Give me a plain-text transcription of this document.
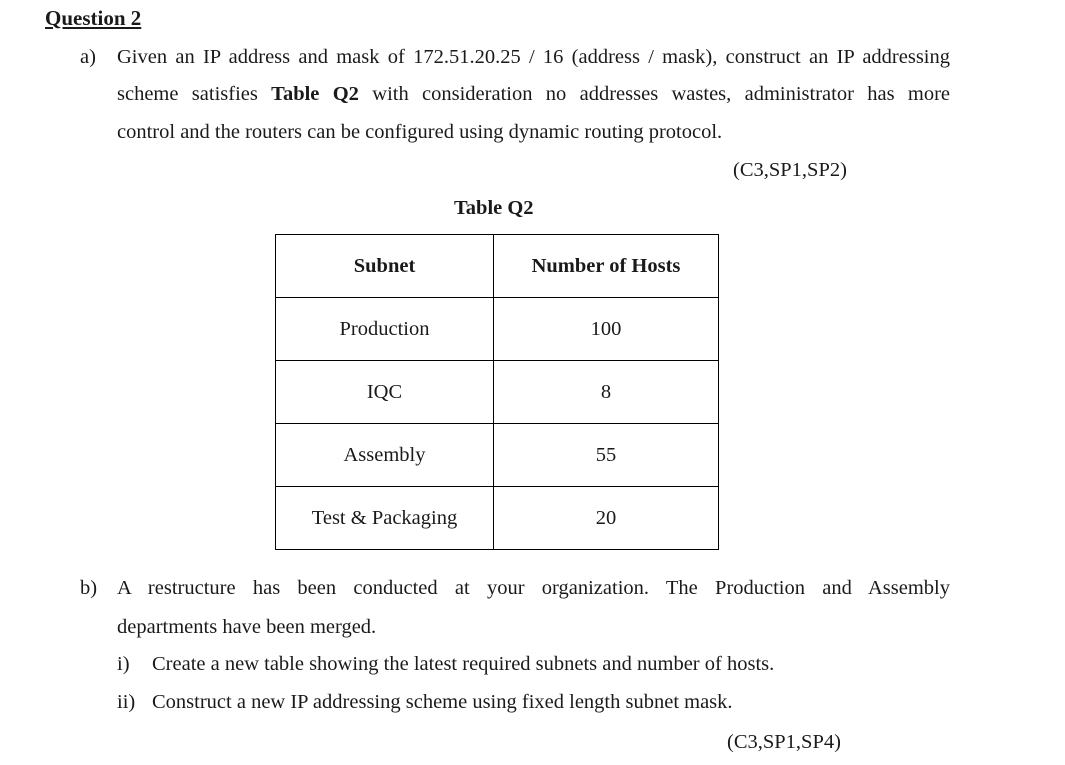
Question 2
a) Given an IP address and mask of 172.51.20.25 / 16 (address / mask), construct an IP addressing
scheme satisfies Table Q2 with consideration no addresses wastes, administrator has more
control and the routers can be configured using dynamic routing protocol.
(C3,SP1,SP2)
Table Q2
Subnet	Number of Hosts
Production	100
IQC	8
Assembly	55
Test & Packaging	20
b) A restructure has been conducted at your organization. The Production and Assembly
departments have been merged.
i) Create a new table showing the latest required subnets and number of hosts.
ii) Construct a new IP addressing scheme using fixed length subnet mask.
(C3,SP1,SP4)
